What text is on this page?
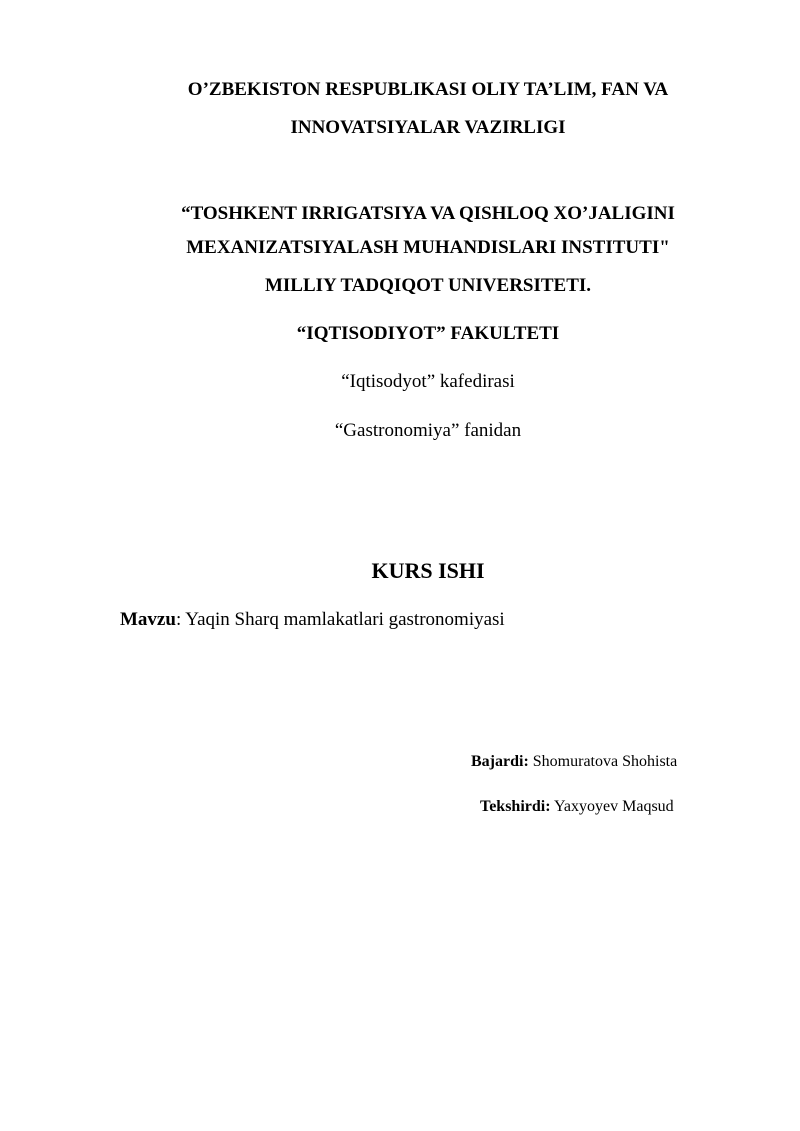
O’ZBEKISTON RESPUBLIKASI OLIY TA’LIM, FAN VA
INNOVATSIYALAR VAZIRLIGI
“TOSHKENT IRRIGATSIYA VA QISHLOQ XO’JALIGINI
MEXANIZATSIYALASH MUHANDISLARI INSTITUTI"
MILLIY TADQIQOT UNIVERSITETI.
“IQTISODIYOT” FAKULTETI
“Iqtisodyot” kafedirasi
“Gastronomiya” fanidan
KURS ISHI
Mavzu: Yaqin Sharq mamlakatlari gastronomiyasi
Bajardi: Shomuratova Shohista
Tekshirdi: Yaxyoyev Maqsud
